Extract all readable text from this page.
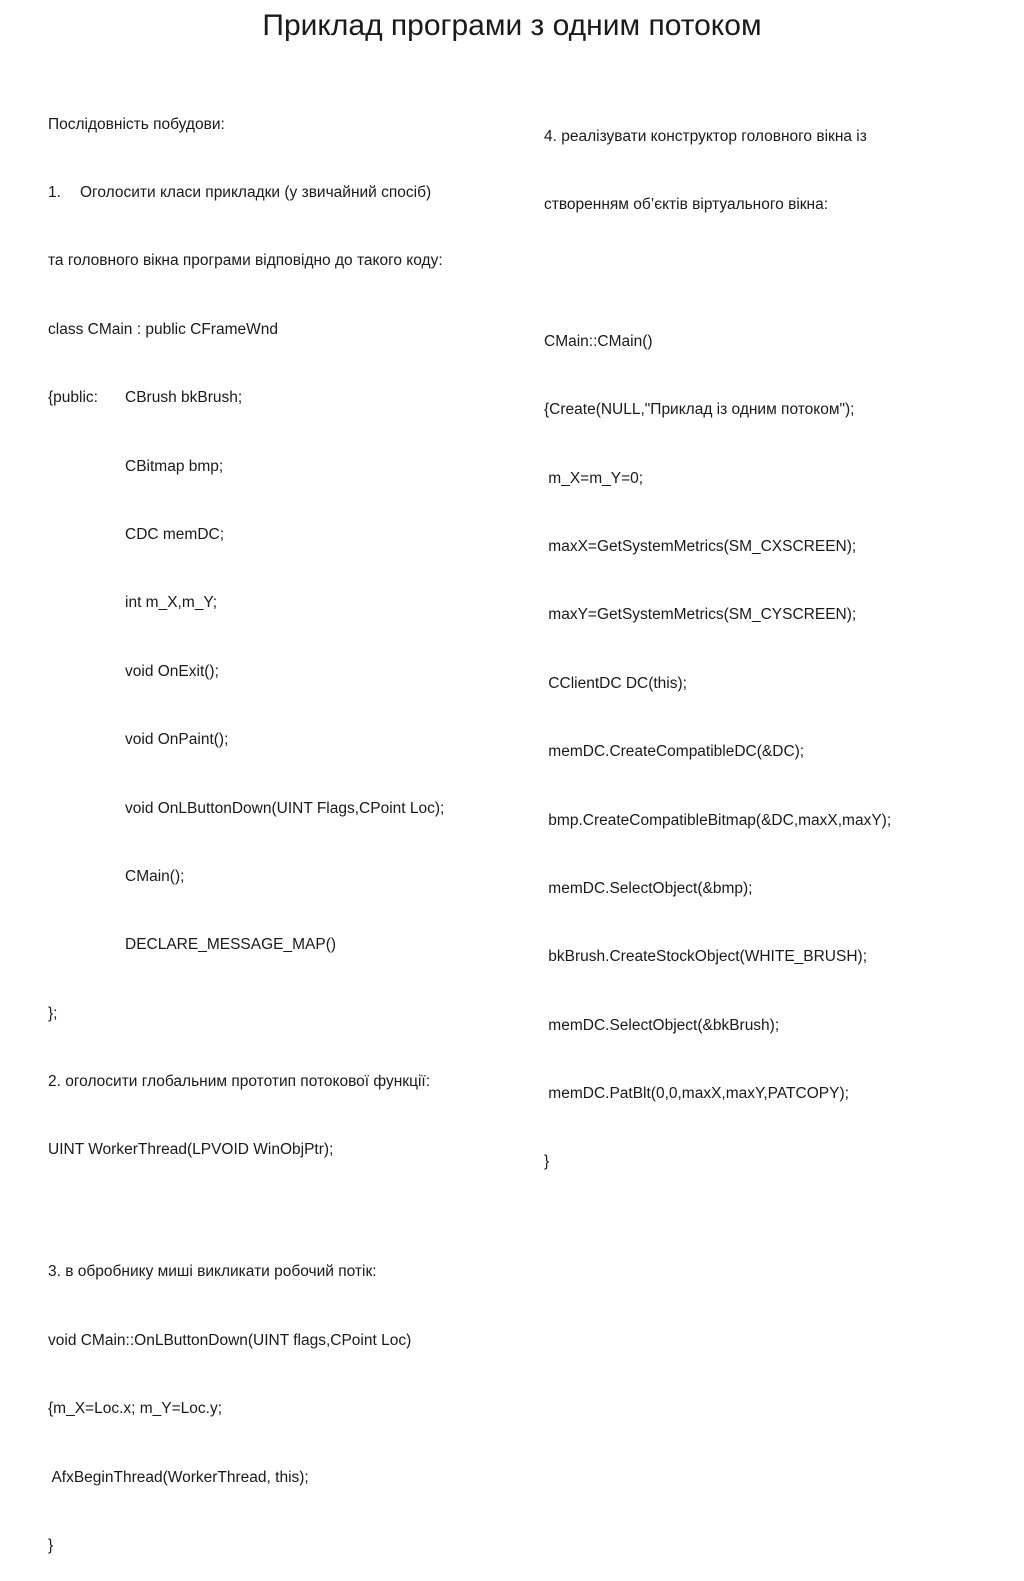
Приклад програми з одним потоком

Послідовність побудови:

1. Оголосити класи прикладки (у звичайний спосіб)

та головного вікна програми відповідно до такого коду:

class CMain : public CFrameWnd

{public: CBrush bkBrush;

CBitmap bmp;

CDC memDC;

int m_X,m_Y;

void OnExit();

void OnPaint();

void OnLButtonDown(UINT Flags,CPoint Loc);

CMain();

DECLARE_MESSAGE_MAP()

};

2. оголосити глобальним прототип потокової функції:

UINT WorkerThread(LPVOID WinObjPtr);

3. в обробнику миші викликати робочий потік:

void CMain::OnLButtonDown(UINT flags,CPoint Loc)

{m_X=Loc.x; m_Y=Loc.y;

AfxBeginThread(WorkerThread, this);

}

4. реалізувати конструктор головного вікна із

створенням об’єктів віртуального вікна:

CMain::CMain()

{Create(NULL,"Приклад із одним потоком");

m_X=m_Y=0;

maxX=GetSystemMetrics(SM_CXSCREEN);

maxY=GetSystemMetrics(SM_CYSCREEN);

CClientDC DC(this);

memDC.CreateCompatibleDC(&DC);

bmp.CreateCompatibleBitmap(&DC,maxX,maxY);

memDC.SelectObject(&bmp);

bkBrush.CreateStockObject(WHITE_BRUSH);

memDC.SelectObject(&bkBrush);

memDC.PatBlt(0,0,maxX,maxY,PATCOPY);

}
